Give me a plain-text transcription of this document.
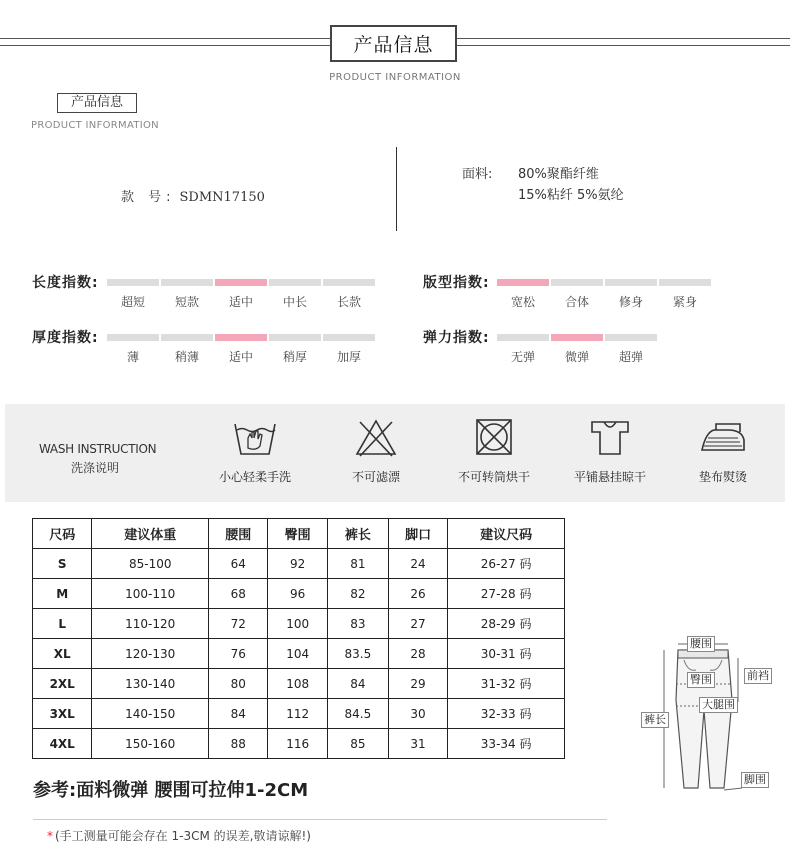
产品信息
PRODUCT INFORMATION
产品信息
PRODUCT INFORMATION
款 号: SDMN17150
面料: 80%聚酯纤维
15%粘纤 5%氨纶
长度指数:
超短	短款	适中	中长	长款
版型指数:
宽松	合体	修身	紧身
厚度指数:
薄	稍薄	适中	稍厚	加厚
弹力指数:
无弹	微弹	超弹
WASH INSTRUCTION
洗涤说明
小心轻柔手洗	不可滤漂	不可转筒烘干	平铺悬挂晾干	垫布熨烫
尺码	建议体重	腰围	臀围	裤长	脚口	建议尺码
S	85-100	64	92	81	24	26-27 码
M	100-110	68	96	82	26	27-28 码
L	110-120	72	100	83	27	28-29 码
XL	120-130	76	104	83.5	28	30-31 码
2XL	130-140	80	108	84	29	31-32 码
3XL	140-150	84	112	84.5	30	32-33 码
4XL	150-160	88	116	85	31	33-34 码
腰围
臀围	前裆
大腿围
裤长
脚围
参考:面料微弹 腰围可拉伸1-2CM
* (手工测量可能会存在 1-3CM 的误差,敬请谅解!)
